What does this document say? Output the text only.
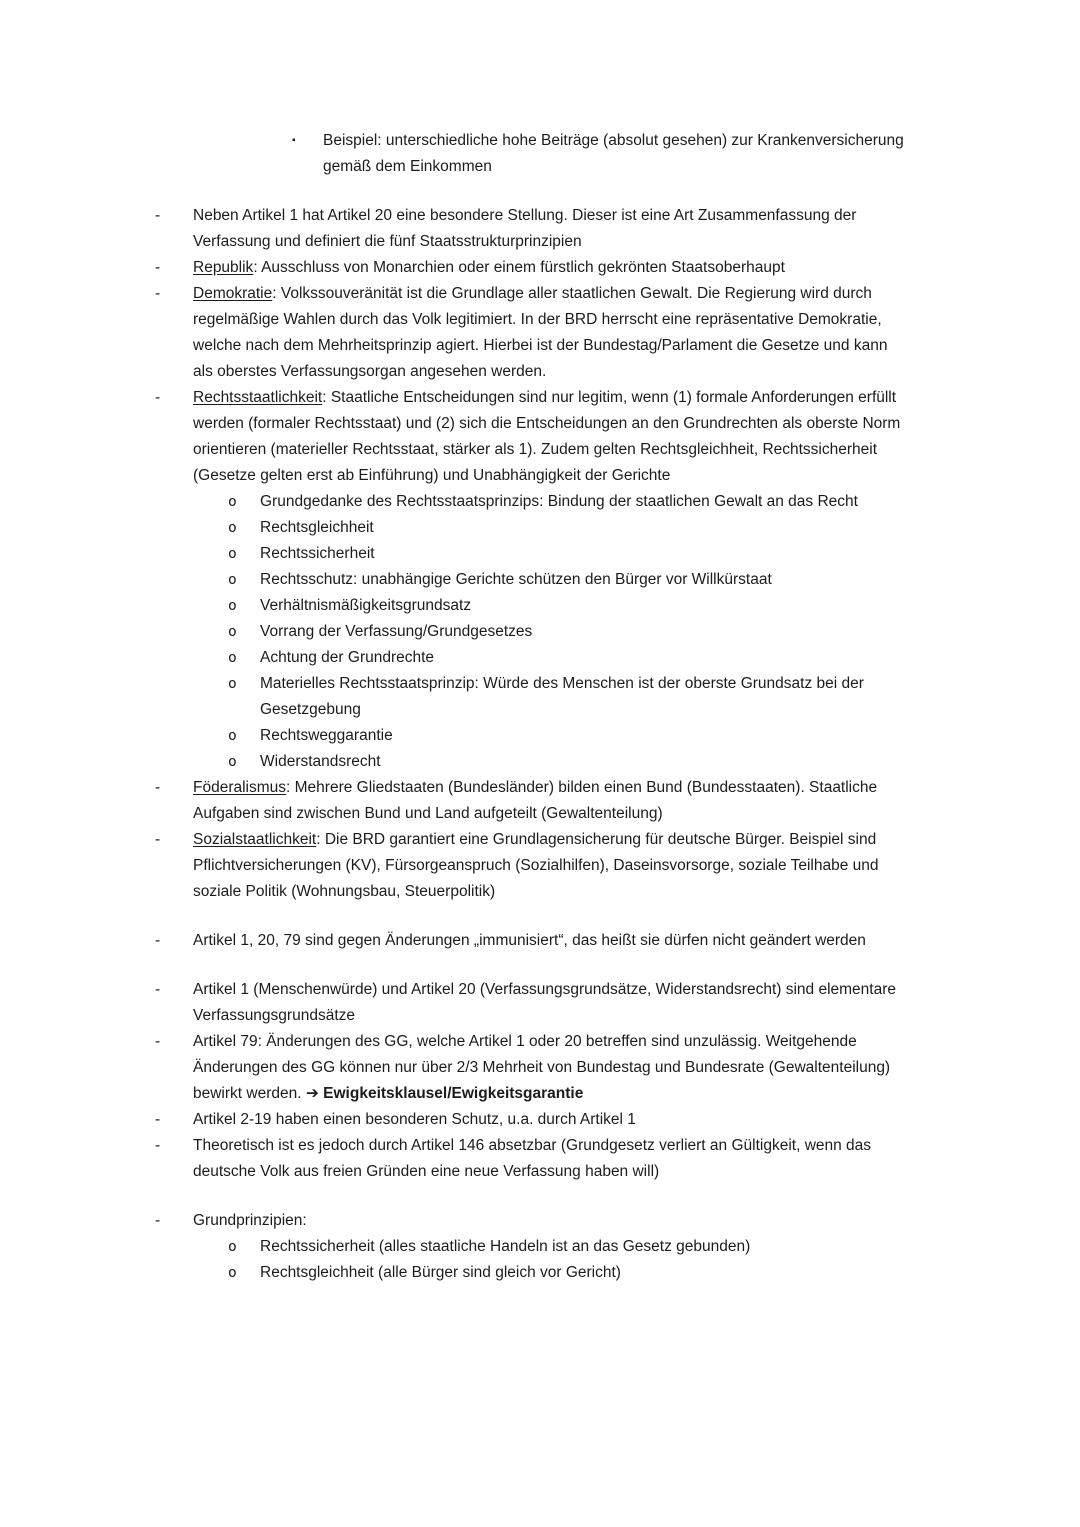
▪	Beispiel: unterschiedliche hohe Beiträge (absolut gesehen) zur Krankenversicherung gemäß dem Einkommen
-	Neben Artikel 1 hat Artikel 20 eine besondere Stellung. Dieser ist eine Art Zusammenfassung der Verfassung und definiert die fünf Staatsstrukturprinzipien
-	Republik: Ausschluss von Monarchien oder einem fürstlich gekrönten Staatsoberhaupt
-	Demokratie: Volkssouveränität ist die Grundlage aller staatlichen Gewalt. Die Regierung wird durch regelmäßige Wahlen durch das Volk legitimiert. In der BRD herrscht eine repräsentative Demokratie, welche nach dem Mehrheitsprinzip agiert. Hierbei ist der Bundestag/Parlament die Gesetze und kann als oberstes Verfassungsorgan angesehen werden.
-	Rechtsstaatlichkeit: Staatliche Entscheidungen sind nur legitim, wenn (1) formale Anforderungen erfüllt werden (formaler Rechtsstaat) und (2) sich die Entscheidungen an den Grundrechten als oberste Norm orientieren (materieller Rechtsstaat, stärker als 1). Zudem gelten Rechtsgleichheit, Rechtssicherheit (Gesetze gelten erst ab Einführung) und Unabhängigkeit der Gerichte
o	Grundgedanke des Rechtsstaatsprinzips: Bindung der staatlichen Gewalt an das Recht
o	Rechtsgleichheit
o	Rechtssicherheit
o	Rechtsschutz: unabhängige Gerichte schützen den Bürger vor Willkürstaat
o	Verhältnismäßigkeitsgrundsatz
o	Vorrang der Verfassung/Grundgesetzes
o	Achtung der Grundrechte
o	Materielles Rechtsstaatsprinzip: Würde des Menschen ist der oberste Grundsatz bei der Gesetzgebung
o	Rechtsweggarantie
o	Widerstandsrecht
-	Föderalismus: Mehrere Gliedstaaten (Bundesländer) bilden einen Bund (Bundesstaaten). Staatliche Aufgaben sind zwischen Bund und Land aufgeteilt (Gewaltenteilung)
-	Sozialstaatlichkeit: Die BRD garantiert eine Grundlagensicherung für deutsche Bürger. Beispiel sind Pflichtversicherungen (KV), Fürsorgeanspruch (Sozialhilfen), Daseinsvorsorge, soziale Teilhabe und soziale Politik (Wohnungsbau, Steuerpolitik)
-	Artikel 1, 20, 79 sind gegen Änderungen „immunisiert“, das heißt sie dürfen nicht geändert werden
-	Artikel 1 (Menschenwürde) und Artikel 20 (Verfassungsgrundsätze, Widerstandsrecht) sind elementare Verfassungsgrundsätze
-	Artikel 79: Änderungen des GG, welche Artikel 1 oder 20 betreffen sind unzulässig. Weitgehende Änderungen des GG können nur über 2/3 Mehrheit von Bundestag und Bundesrate (Gewaltenteilung) bewirkt werden. ➔ Ewigkeitsklausel/Ewigkeitsgarantie
-	Artikel 2-19 haben einen besonderen Schutz, u.a. durch Artikel 1
-	Theoretisch ist es jedoch durch Artikel 146 absetzbar (Grundgesetz verliert an Gültigkeit, wenn das deutsche Volk aus freien Gründen eine neue Verfassung haben will)
-	Grundprinzipien:
o	Rechtssicherheit (alles staatliche Handeln ist an das Gesetz gebunden)
o	Rechtsgleichheit (alle Bürger sind gleich vor Gericht)
